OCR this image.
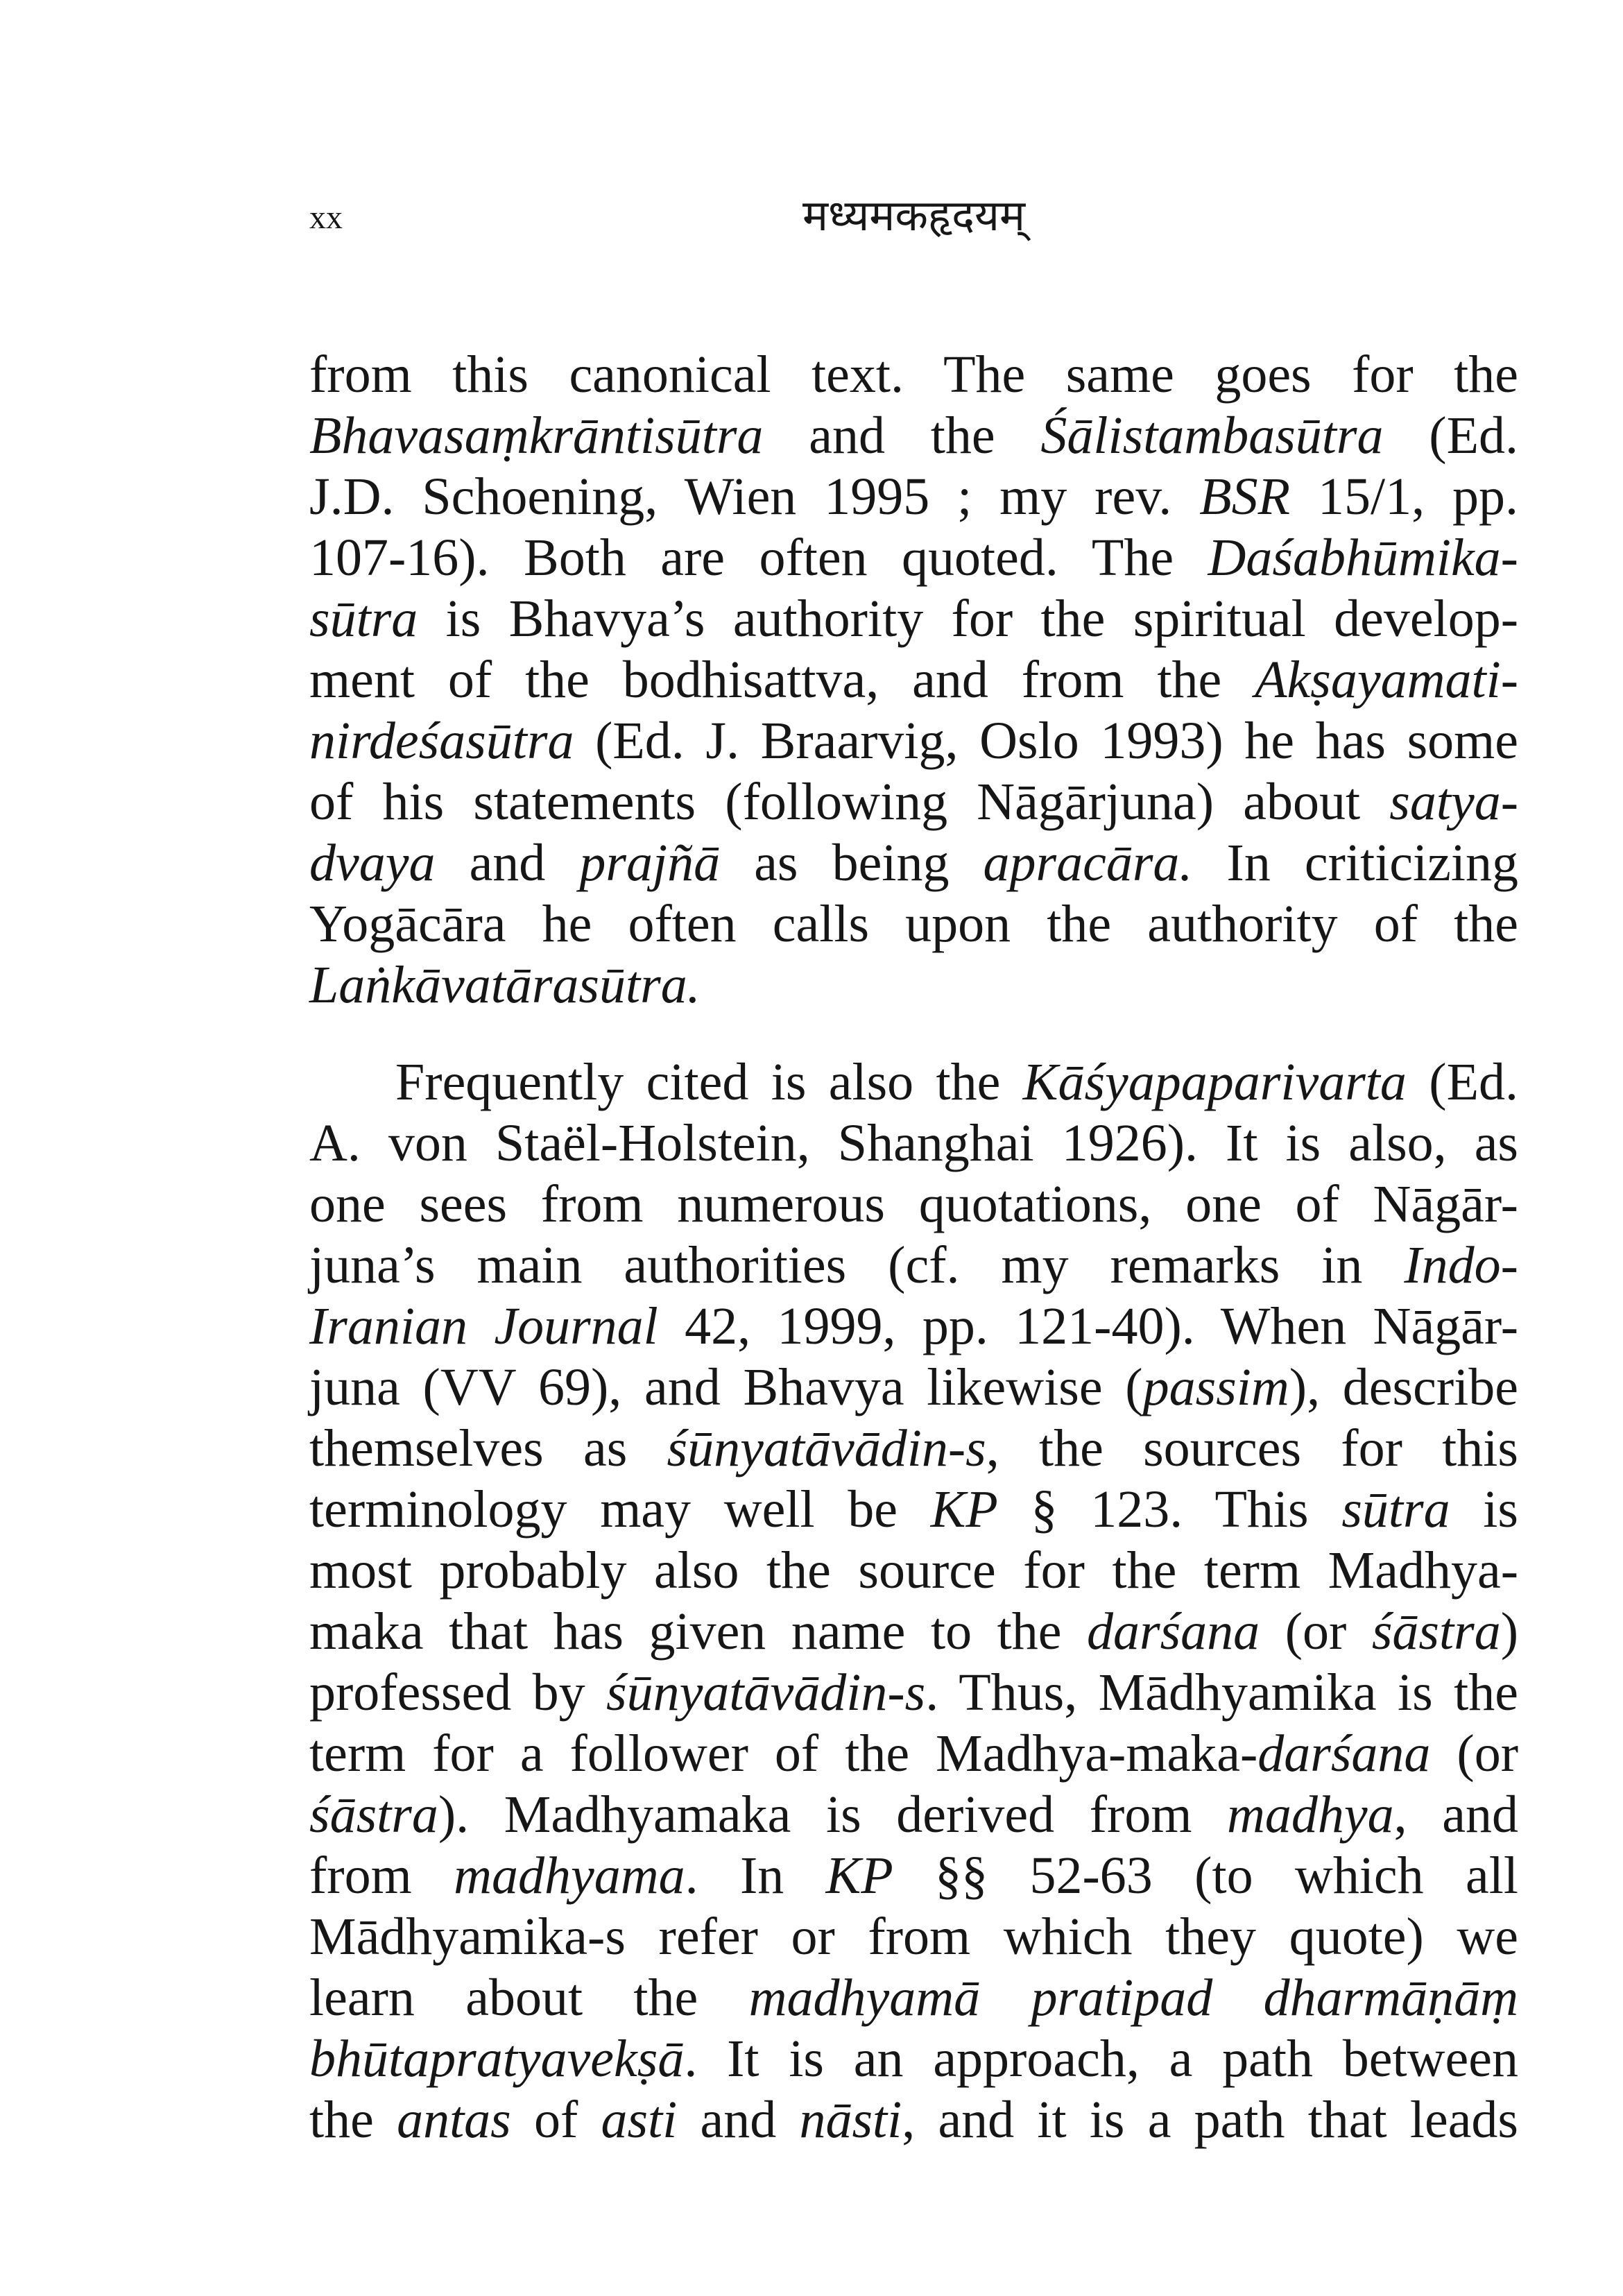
xx	मध्यमकहृदयम्
from this canonical text. The same goes for the
Bhavasaṃkrāntisūtra and the Śālistambasūtra (Ed.
J.D. Schoening, Wien 1995 ; my rev. BSR 15/1, pp.
107-16). Both are often quoted. The Daśabhūmika-
sūtra is Bhavya’s authority for the spiritual develop-
ment of the bodhisattva, and from the Akṣayamati-
nirdeśasūtra (Ed. J. Braarvig, Oslo 1993) he has some
of his statements (following Nāgārjuna) about satya-
dvaya and prajñā as being apracāra. In criticizing
Yogācāra he often calls upon the authority of the
Laṅkāvatārasūtra.
Frequently cited is also the Kāśyapaparivarta (Ed.
A. von Staël-Holstein, Shanghai 1926). It is also, as
one sees from numerous quotations, one of Nāgār-
juna’s main authorities (cf. my remarks in Indo-
Iranian Journal 42, 1999, pp. 121-40). When Nāgār-
juna (VV 69), and Bhavya likewise (passim), describe
themselves as śūnyatāvādin-s, the sources for this
terminology may well be KP § 123. This sūtra is
most probably also the source for the term Madhya-
maka that has given name to the darśana (or śāstra)
professed by śūnyatāvādin-s. Thus, Mādhyamika is the
term for a follower of the Madhya-maka-darśana (or
śāstra). Madhyamaka is derived from madhya, and
from madhyama. In KP §§ 52-63 (to which all
Mādhyamika-s refer or from which they quote) we
learn about the madhyamā pratipad dharmāṇāṃ
bhūtapratyavekṣā. It is an approach, a path between
the antas of asti and nāsti, and it is a path that leads
